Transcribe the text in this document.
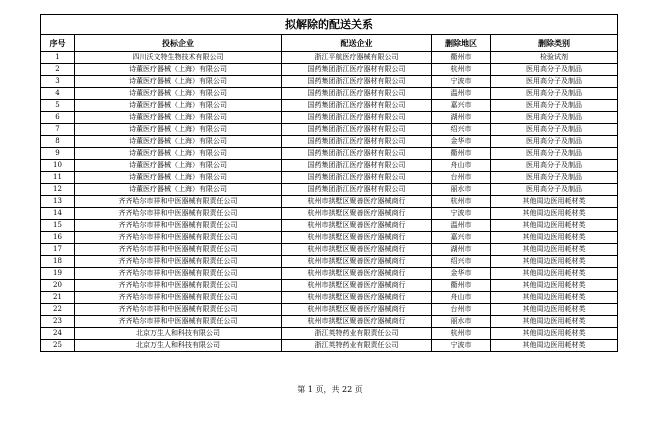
拟解除的配送关系				
序号	投标企业	配送企业	删除地区	删除类别
1	四川沃文特生物技术有限公司	浙江平航医疗器械有限公司	衢州市	检验试剂
2	诗董医疗器械（上海）有限公司	国药集团浙江医疗器材有限公司	杭州市	医用高分子及制品
3	诗董医疗器械（上海）有限公司	国药集团浙江医疗器材有限公司	宁波市	医用高分子及制品
4	诗董医疗器械（上海）有限公司	国药集团浙江医疗器材有限公司	温州市	医用高分子及制品
5	诗董医疗器械（上海）有限公司	国药集团浙江医疗器材有限公司	嘉兴市	医用高分子及制品
6	诗董医疗器械（上海）有限公司	国药集团浙江医疗器材有限公司	湖州市	医用高分子及制品
7	诗董医疗器械（上海）有限公司	国药集团浙江医疗器材有限公司	绍兴市	医用高分子及制品
8	诗董医疗器械（上海）有限公司	国药集团浙江医疗器材有限公司	金华市	医用高分子及制品
9	诗董医疗器械（上海）有限公司	国药集团浙江医疗器材有限公司	衢州市	医用高分子及制品
10	诗董医疗器械（上海）有限公司	国药集团浙江医疗器材有限公司	舟山市	医用高分子及制品
11	诗董医疗器械（上海）有限公司	国药集团浙江医疗器材有限公司	台州市	医用高分子及制品
12	诗董医疗器械（上海）有限公司	国药集团浙江医疗器材有限公司	丽水市	医用高分子及制品
13	齐齐哈尔市祥和中医器械有限责任公司	杭州市拱墅区聚善医疗器械商行	杭州市	其他周边医用耗材类
14	齐齐哈尔市祥和中医器械有限责任公司	杭州市拱墅区聚善医疗器械商行	宁波市	其他周边医用耗材类
15	齐齐哈尔市祥和中医器械有限责任公司	杭州市拱墅区聚善医疗器械商行	温州市	其他周边医用耗材类
16	齐齐哈尔市祥和中医器械有限责任公司	杭州市拱墅区聚善医疗器械商行	嘉兴市	其他周边医用耗材类
17	齐齐哈尔市祥和中医器械有限责任公司	杭州市拱墅区聚善医疗器械商行	湖州市	其他周边医用耗材类
18	齐齐哈尔市祥和中医器械有限责任公司	杭州市拱墅区聚善医疗器械商行	绍兴市	其他周边医用耗材类
19	齐齐哈尔市祥和中医器械有限责任公司	杭州市拱墅区聚善医疗器械商行	金华市	其他周边医用耗材类
20	齐齐哈尔市祥和中医器械有限责任公司	杭州市拱墅区聚善医疗器械商行	衢州市	其他周边医用耗材类
21	齐齐哈尔市祥和中医器械有限责任公司	杭州市拱墅区聚善医疗器械商行	舟山市	其他周边医用耗材类
22	齐齐哈尔市祥和中医器械有限责任公司	杭州市拱墅区聚善医疗器械商行	台州市	其他周边医用耗材类
23	齐齐哈尔市祥和中医器械有限责任公司	杭州市拱墅区聚善医疗器械商行	丽水市	其他周边医用耗材类
24	北京万生人和科技有限公司	浙江英特药业有限责任公司	杭州市	其他周边医用耗材类
25	北京万生人和科技有限公司	浙江英特药业有限责任公司	宁波市	其他周边医用耗材类
第 1 页，共 22 页
